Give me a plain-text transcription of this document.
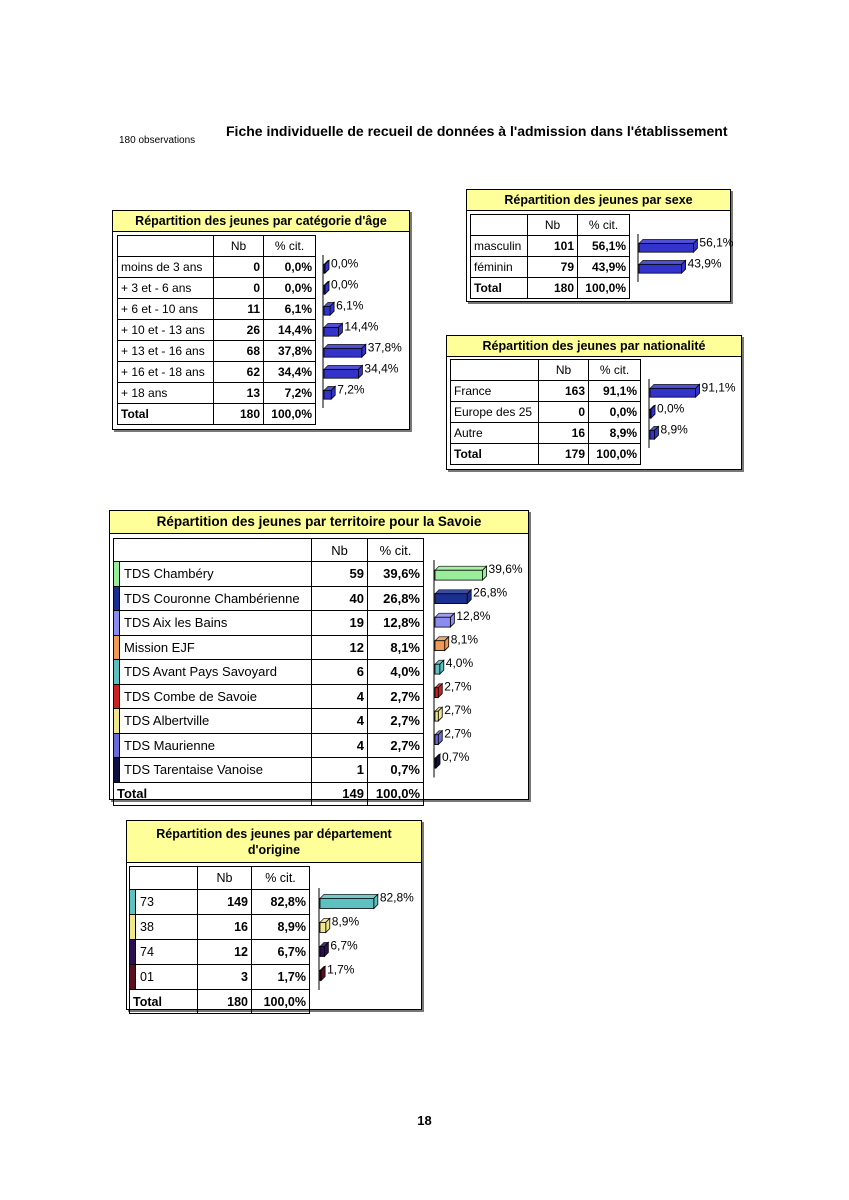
180 observations
Fiche individuelle de recueil de données à l'admission dans l'établissement
Répartition des jeunes par catégorie d'âge
Répartition des jeunes par sexe
Répartition des jeunes par nationalité
Répartition des jeunes par territoire pour la Savoie
Répartition des jeunes par département d'origine
18
	Nb	% cit.
moins de 3 ans	0	0,0%
+ 3 et - 6 ans	0	0,0%
+ 6 et - 10 ans	11	6,1%
+ 10 et - 13 ans	26	14,4%
+ 13 et - 16 ans	68	37,8%
+ 16 et - 18 ans	62	34,4%
+ 18 ans	13	7,2%
Total	180	100,0%
0,0%
0,0%
6,1%
14,4%
37,8%
34,4%
7,2%
	Nb	% cit.
masculin	101	56,1%
féminin	79	43,9%
Total	180	100,0%
56,1%
43,9%
	Nb	% cit.
France	163	91,1%
Europe des 25	0	0,0%
Autre	16	8,9%
Total	179	100,0%
91,1%
0,0%
8,9%
	Nb	% cit.

TDS Chambéry	59	39,6%

TDS Couronne Chambérienne	40	26,8%

TDS Aix les Bains	19	12,8%

Mission EJF	12	8,1%

TDS Avant Pays Savoyard	6	4,0%

TDS Combe de Savoie	4	2,7%

TDS Albertville	4	2,7%

TDS Maurienne	4	2,7%

TDS Tarentaise Vanoise	1	0,7%
Total	149	100,0%
39,6%
26,8%
12,8%
8,1%
4,0%
2,7%
2,7%
2,7%
0,7%
	Nb	% cit.

73	149	82,8%

38	16	8,9%

74	12	6,7%

01	3	1,7%
Total	180	100,0%
82,8%
8,9%
6,7%
1,7%
